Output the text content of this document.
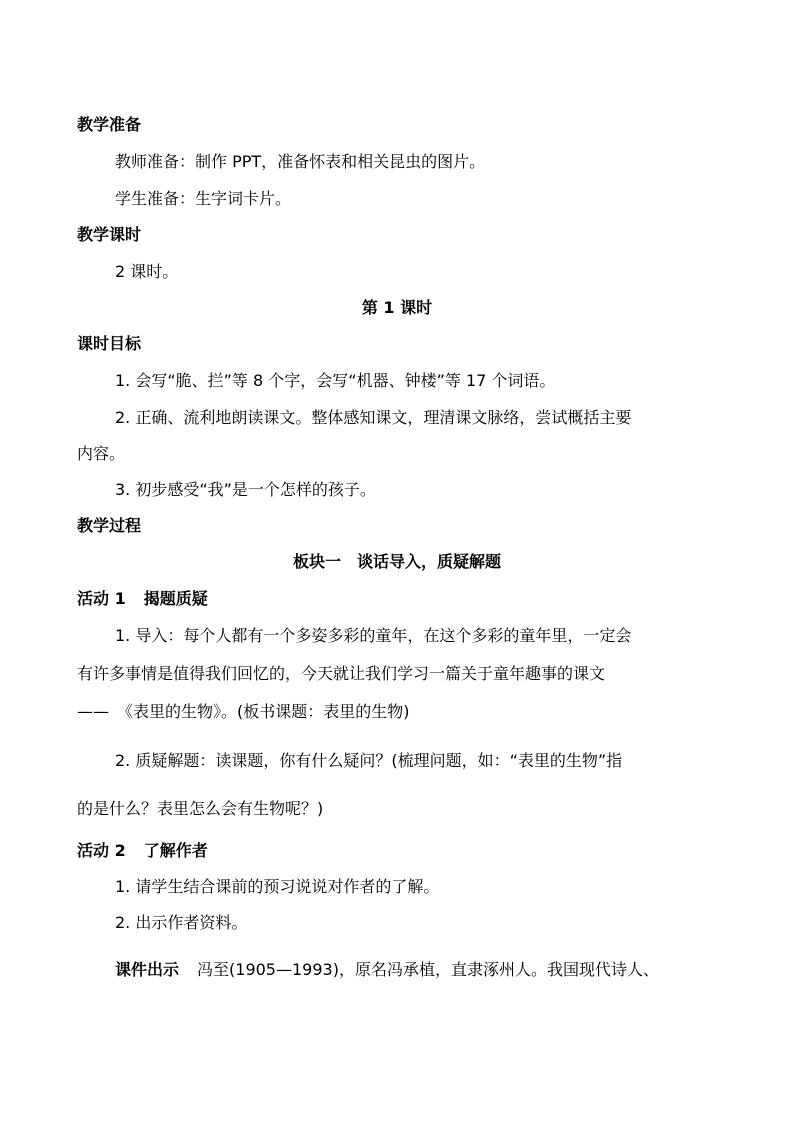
教学准备
教师准备：制作 PPT，准备怀表和相关昆虫的图片。
学生准备：生字词卡片。
教学课时
2 课时。
第 1 课时
课时目标
1. 会写“脆、拦”等 8 个字，会写“机器、钟楼”等 17 个词语。
2. 正确、流利地朗读课文。整体感知课文，理清课文脉络，尝试概括主要
内容。
3. 初步感受“我”是一个怎样的孩子。
教学过程
板块一　谈话导入，质疑解题
活动 1 揭题质疑
1. 导入：每个人都有一个多姿多彩的童年，在这个多彩的童年里，一定会
有许多事情是值得我们回忆的，今天就让我们学习一篇关于童年趣事的课文
——　《表里的生物》。(板书课题：表里的生物)
2. 质疑解题：读课题，你有什么疑问？(梳理问题，如：“表里的生物”指
的是什么？表里怎么会有生物呢？)
活动 2 了解作者
1. 请学生结合课前的预习说说对作者的了解。
2. 出示作者资料。
课件出示 冯至(1905—1993)，原名冯承植，直隶涿州人。我国现代诗人、
